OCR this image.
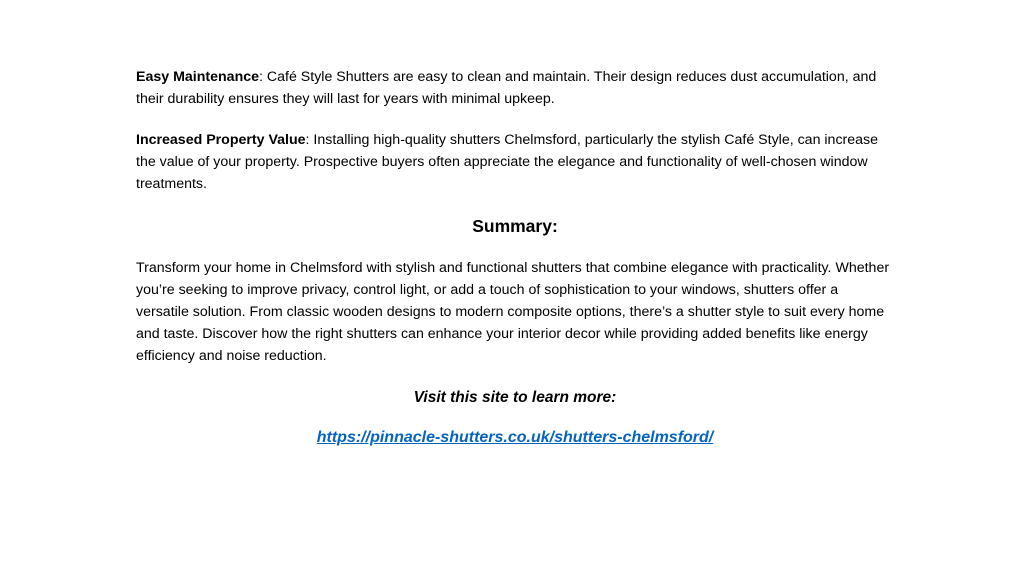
Easy Maintenance: Café Style Shutters are easy to clean and maintain. Their design reduces dust accumulation, and their durability ensures they will last for years with minimal upkeep.

Increased Property Value: Installing high-quality shutters Chelmsford, particularly the stylish Café Style, can increase the value of your property. Prospective buyers often appreciate the elegance and functionality of well-chosen window treatments.

Summary:

Transform your home in Chelmsford with stylish and functional shutters that combine elegance with practicality. Whether you’re seeking to improve privacy, control light, or add a touch of sophistication to your windows, shutters offer a versatile solution. From classic wooden designs to modern composite options, there’s a shutter style to suit every home and taste. Discover how the right shutters can enhance your interior decor while providing added benefits like energy efficiency and noise reduction.

Visit this site to learn more:
https://pinnacle-shutters.co.uk/shutters-chelmsford/
